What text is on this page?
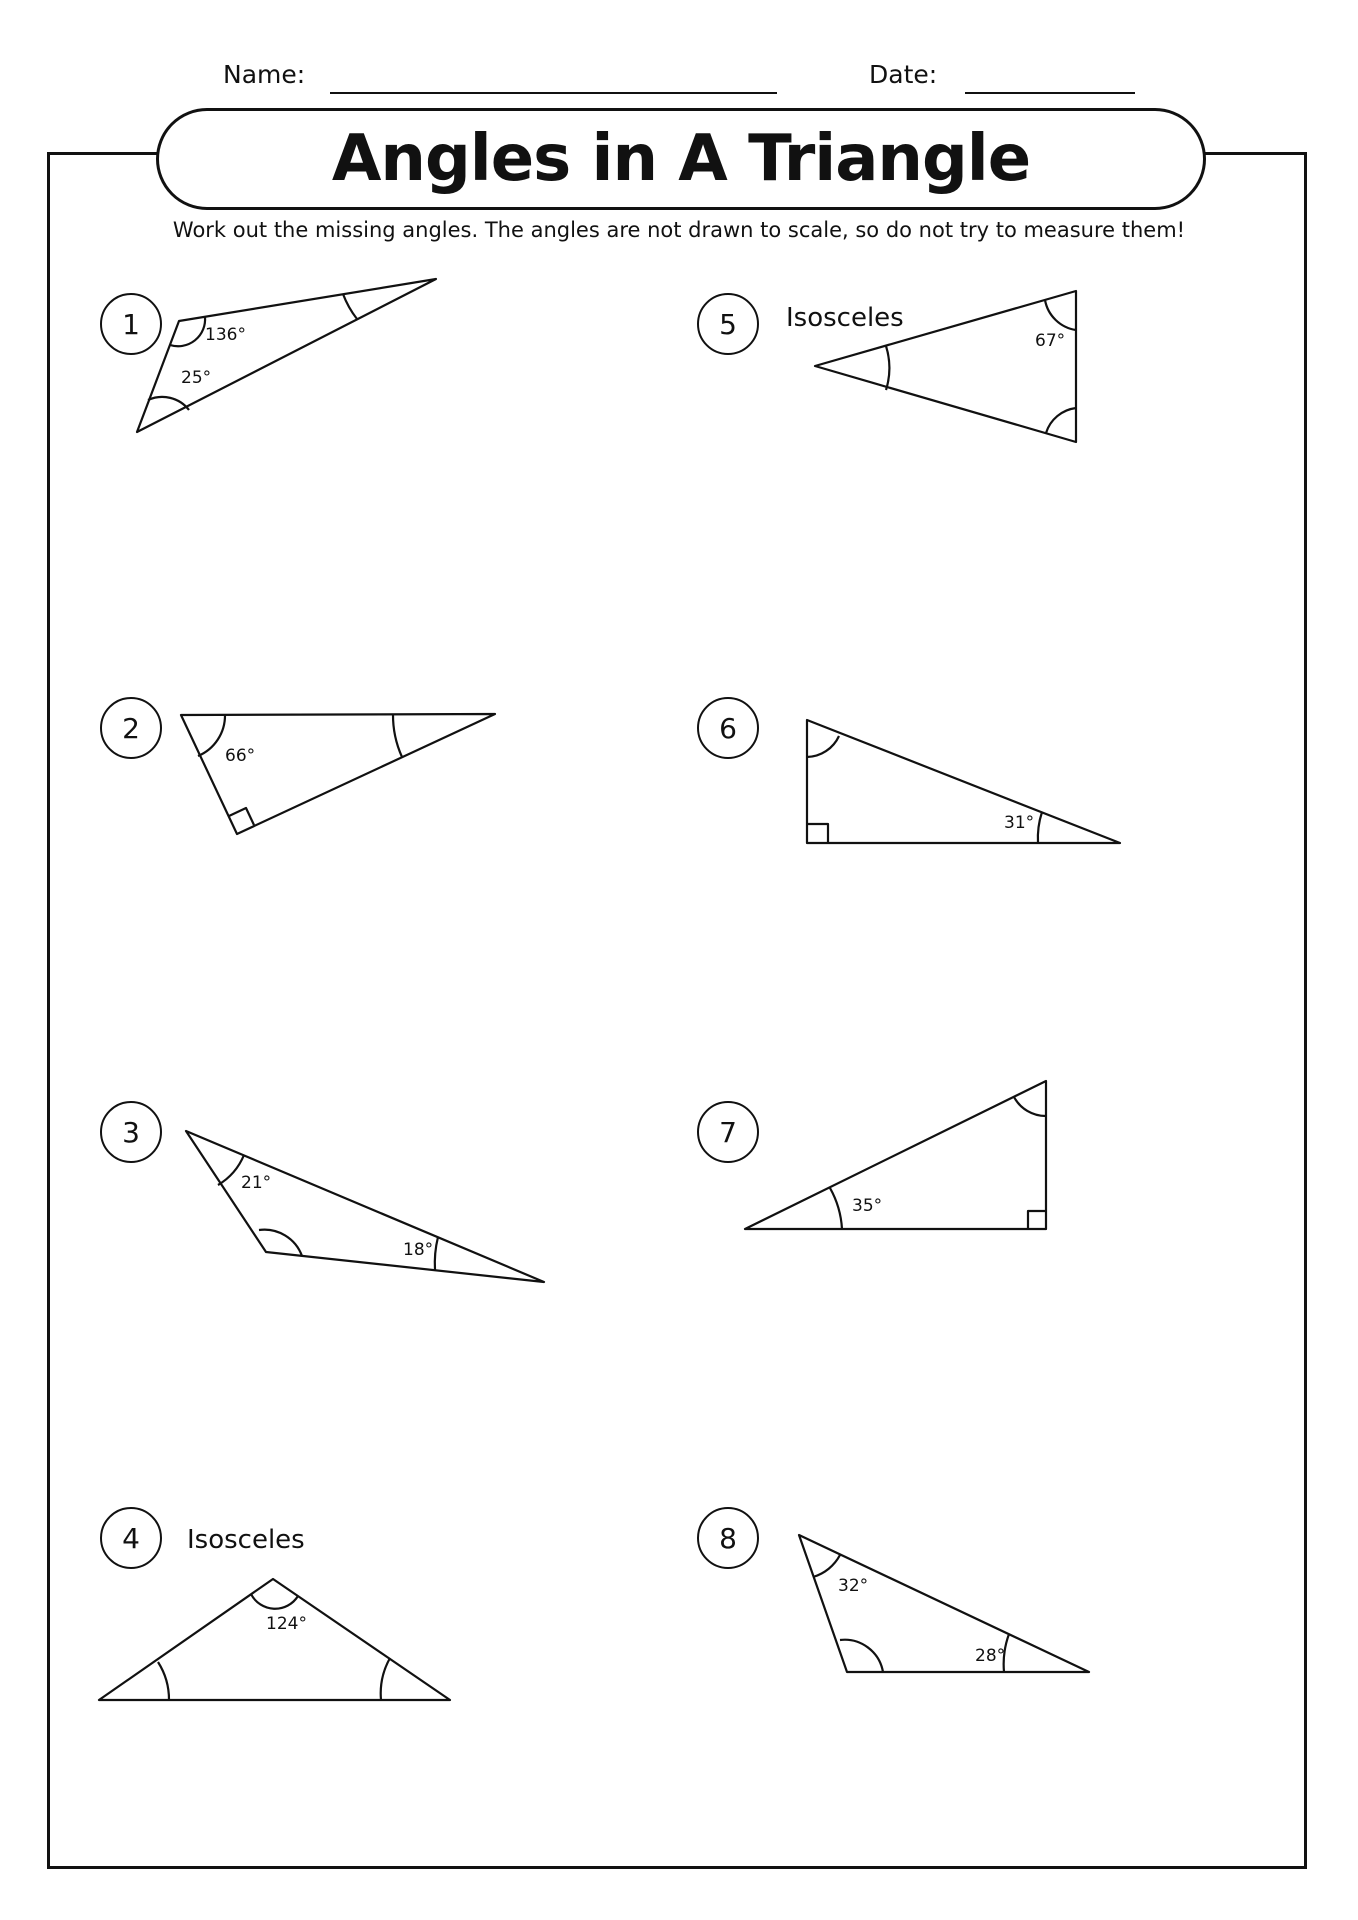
Name:	Date:
Angles in A Triangle
Work out the missing angles. The angles are not drawn to scale, so do not try to measure them!
1
2
3
4
5
6
7
8
Isosceles
Isosceles
136°
25°
66°
21°
18°
124°
67°
31°
35°
32°
28°
